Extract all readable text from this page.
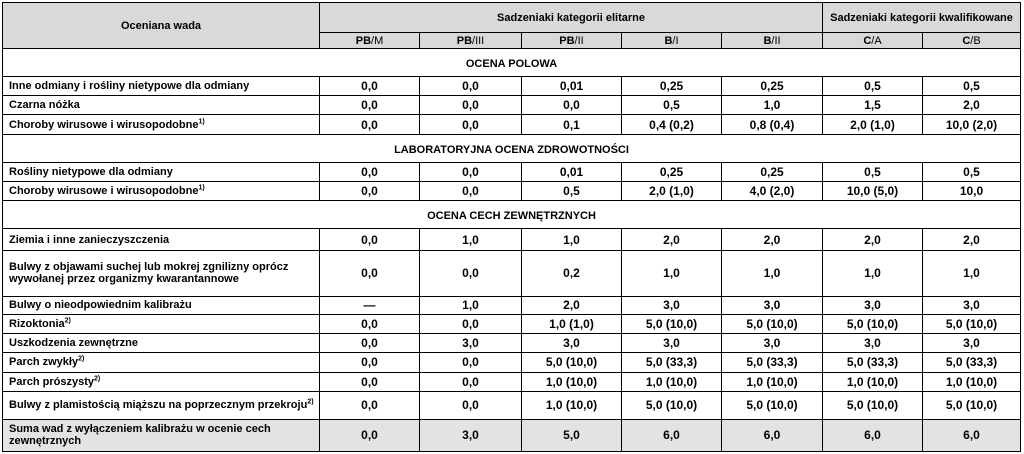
Oceniana wada	Sadzeniaki kategorii elitarne					Sadzeniaki kategorii kwalifikowane	
	PB/M	PB/III	PB/II	B/I	B/II	C/A	C/B
OCENA POLOWA							
Inne odmiany i rośliny nietypowe dla odmiany	0,0	0,0	0,01	0,25	0,25	0,5	0,5
Czarna nóżka	0,0	0,0	0,0	0,5	1,0	1,5	2,0
Choroby wirusowe i wirusopodobne$^{1)}$	0,0	0,0	0,1	0,4 (0,2)	0,8 (0,4)	2,0 (1,0)	10,0 (2,0)
LABORATORYJNA OCENA ZDROWOTNOŚCI							
Rośliny nietypowe dla odmiany	0,0	0,0	0,01	0,25	0,25	0,5	0,5
Choroby wirusowe i wirusopodobne$^{1)}$	0,0	0,0	0,5	2,0 (1,0)	4,0 (2,0)	10,0 (5,0)	10,0
OCENA CECH ZEWNĘTRZNYCH							
Ziemia i inne zanieczyszczenia	0,0	1,0	1,0	2,0	2,0	2,0	2,0
Bulwy z objawami suchej lub mokrej zgnilizny oprócz wywołanej przez organizmy kwarantannowe	0,0	0,0	0,2	1,0	1,0	1,0	1,0
Bulwy o nieodpowiednim kalibrażu	—	1,0	2,0	3,0	3,0	3,0	3,0
Rizoktonia$^{2)}$	0,0	0,0	1,0 (1,0)	5,0 (10,0)	5,0 (10,0)	5,0 (10,0)	5,0 (10,0)
Uszkodzenia zewnętrzne	0,0	3,0	3,0	3,0	3,0	3,0	3,0
Parch zwykły$^{2)}$	0,0	0,0	5,0 (10,0)	5,0 (33,3)	5,0 (33,3)	5,0 (33,3)	5,0 (33,3)
Parch prószysty$^{2)}$	0,0	0,0	1,0 (10,0)	1,0 (10,0)	1,0 (10,0)	1,0 (10,0)	1,0 (10,0)
Bulwy z plamistością miąższu na poprzecznym przekroju$^{2)}$	0,0	0,0	1,0 (10,0)	5,0 (10,0)	5,0 (10,0)	5,0 (10,0)	5,0 (10,0)
Suma wad z wyłączeniem kalibrażu w ocenie cech zewnętrznych	0,0	3,0	5,0	6,0	6,0	6,0	6,0
